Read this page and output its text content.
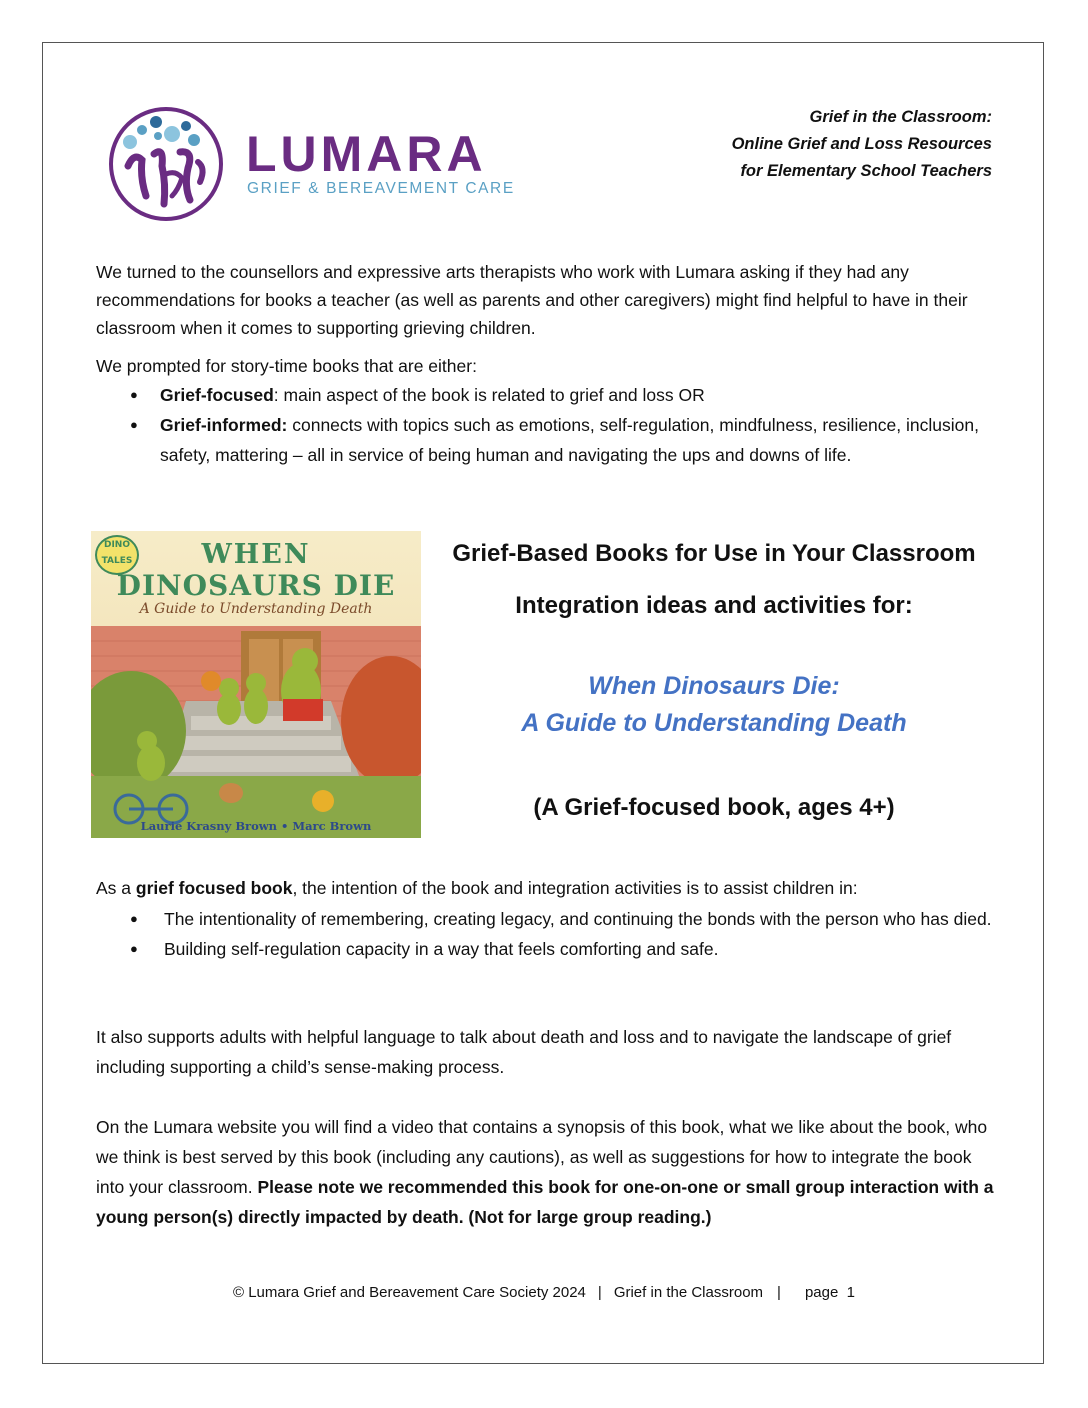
LUMARA
GRIEF & BEREAVEMENT CARE
Grief in the Classroom:
Online Grief and Loss Resources
for Elementary School Teachers

We turned to the counsellors and expressive arts therapists who work with Lumara asking if they had any recommendations for books a teacher (as well as parents and other caregivers) might find helpful to have in their classroom when it comes to supporting grieving children.

We prompted for story-time books that are either:

● Grief-focused: main aspect of the book is related to grief and loss OR
● Grief-informed: connects with topics such as emotions, self-regulation, mindfulness, resilience, inclusion, safety, mattering – all in service of being human and navigating the ups and downs of life.
DINO
TALES	WHEN
DINOSAURS DIE
A Guide to Understanding Death
Laurie Krasny Brown • Marc Brown
Grief-Based Books for Use in Your Classroom
Integration ideas and activities for:
When Dinosaurs Die:
A Guide to Understanding Death
(A Grief-focused book, ages 4+)

As a grief focused book, the intention of the book and integration activities is to assist children in:

● The intentionality of remembering, creating legacy, and continuing the bonds with the person who has died.
● Building self-regulation capacity in a way that feels comforting and safe.
It also supports adults with helpful language to talk about death and loss and to navigate the landscape of grief including supporting a child’s sense-making process.
On the Lumara website you will find a video that contains a synopsis of this book, what we like about the book, who we think is best served by this book (including any cautions), as well as suggestions for how to integrate the book into your classroom. Please note we recommended this book for one-on-one or small group interaction with a young person(s) directly impacted by death. (Not for large group reading.)
© Lumara Grief and Bereavement Care Society 2024 | Grief in the Classroom | page  1
